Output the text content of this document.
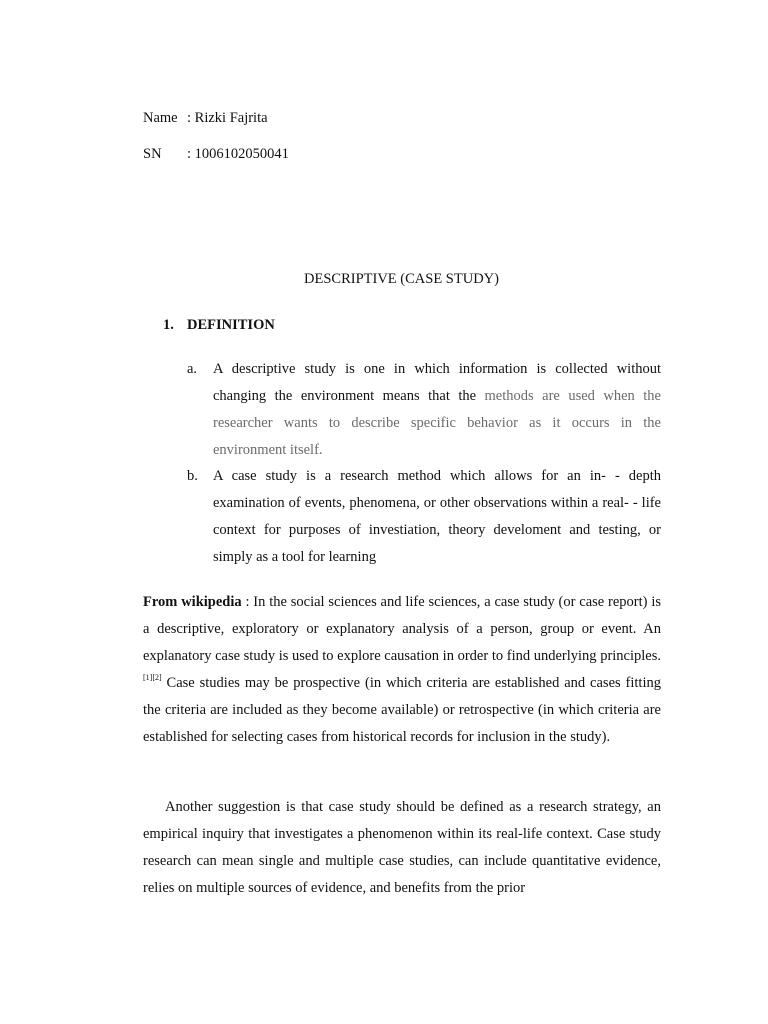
Name : Rizki Fajrita
SN : 1006102050041
DESCRIPTIVE (CASE STUDY)
1. DEFINITION
a. A descriptive study is one in which information is collected without changing the environment means that the methods are used when the researcher wants to describe specific behavior as it occurs in the environment itself.
b. A case study is a research method which allows for an in- - depth examination of events, phenomena, or other observations within a real- - life context for purposes of investiation, theory develoment and testing, or simply as a tool for learning
From wikipedia : In the social sciences and life sciences, a case study (or case report) is a descriptive, exploratory or explanatory analysis of a person, group or event. An explanatory case study is used to explore causation in order to find underlying principles.[1][2] Case studies may be prospective (in which criteria are established and cases fitting the criteria are included as they become available) or retrospective (in which criteria are established for selecting cases from historical records for inclusion in the study).
Another suggestion is that case study should be defined as a research strategy, an empirical inquiry that investigates a phenomenon within its real-life context. Case study research can mean single and multiple case studies, can include quantitative evidence, relies on multiple sources of evidence, and benefits from the prior
